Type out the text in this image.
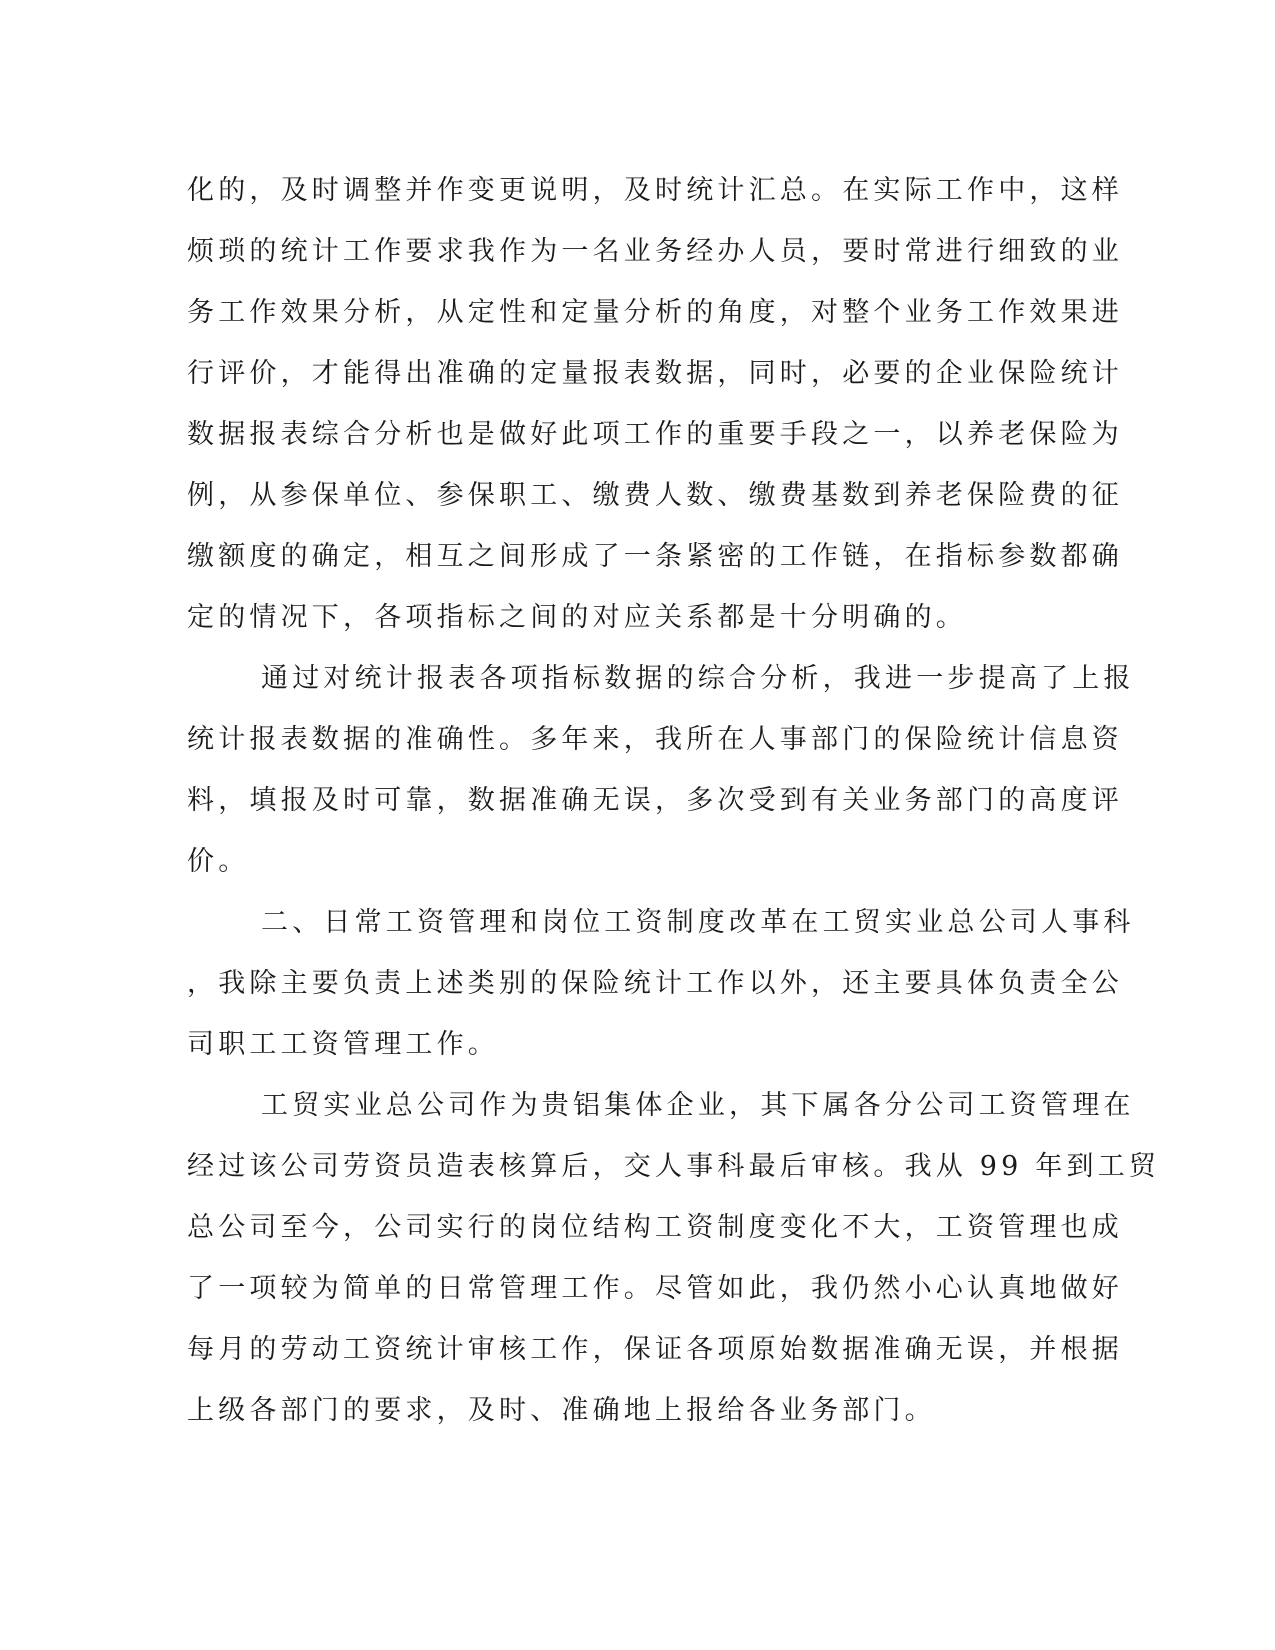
化的，及时调整并作变更说明，及时统计汇总。在实际工作中，这样
烦琐的统计工作要求我作为一名业务经办人员，要时常进行细致的业
务工作效果分析，从定性和定量分析的角度，对整个业务工作效果进
行评价，才能得出准确的定量报表数据，同时，必要的企业保险统计
数据报表综合分析也是做好此项工作的重要手段之一，以养老保险为
例，从参保单位、参保职工、缴费人数、缴费基数到养老保险费的征
缴额度的确定，相互之间形成了一条紧密的工作链，在指标参数都确
定的情况下，各项指标之间的对应关系都是十分明确的。
通过对统计报表各项指标数据的综合分析，我进一步提高了上报
统计报表数据的准确性。多年来，我所在人事部门的保险统计信息资
料，填报及时可靠，数据准确无误，多次受到有关业务部门的高度评
价。
二、日常工资管理和岗位工资制度改革在工贸实业总公司人事科
，我除主要负责上述类别的保险统计工作以外，还主要具体负责全公
司职工工资管理工作。
工贸实业总公司作为贵铝集体企业，其下属各分公司工资管理在
经过该公司劳资员造表核算后，交人事科最后审核。我从 99 年到工贸
总公司至今，公司实行的岗位结构工资制度变化不大，工资管理也成
了一项较为简单的日常管理工作。尽管如此，我仍然小心认真地做好
每月的劳动工资统计审核工作，保证各项原始数据准确无误，并根据
上级各部门的要求，及时、准确地上报给各业务部门。
